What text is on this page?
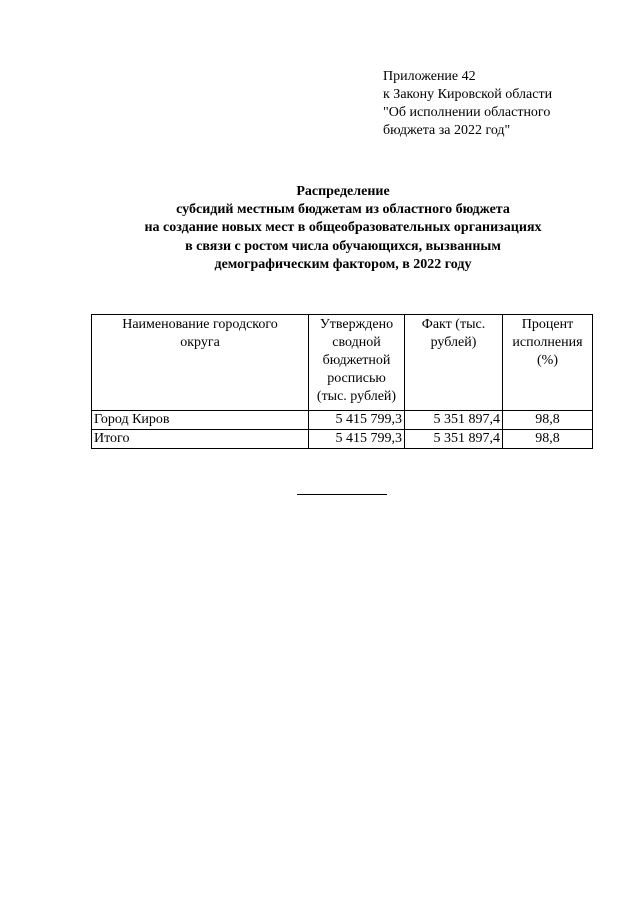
Приложение 42
к Закону Кировской области
"Об исполнении областного
бюджета за 2022 год"
Распределение
субсидий местным бюджетам из областного бюджета
на создание новых мест в общеобразовательных организациях
в связи с ростом числа обучающихся, вызванным
демографическим фактором, в 2022 году
Наименование городского округа	Утверждено сводной бюджетной росписью (тыс. рублей)	Факт (тыс. рублей)	Процент исполнения (%)
Город Киров	5 415 799,3	5 351 897,4	98,8
Итого	5 415 799,3	5 351 897,4	98,8
